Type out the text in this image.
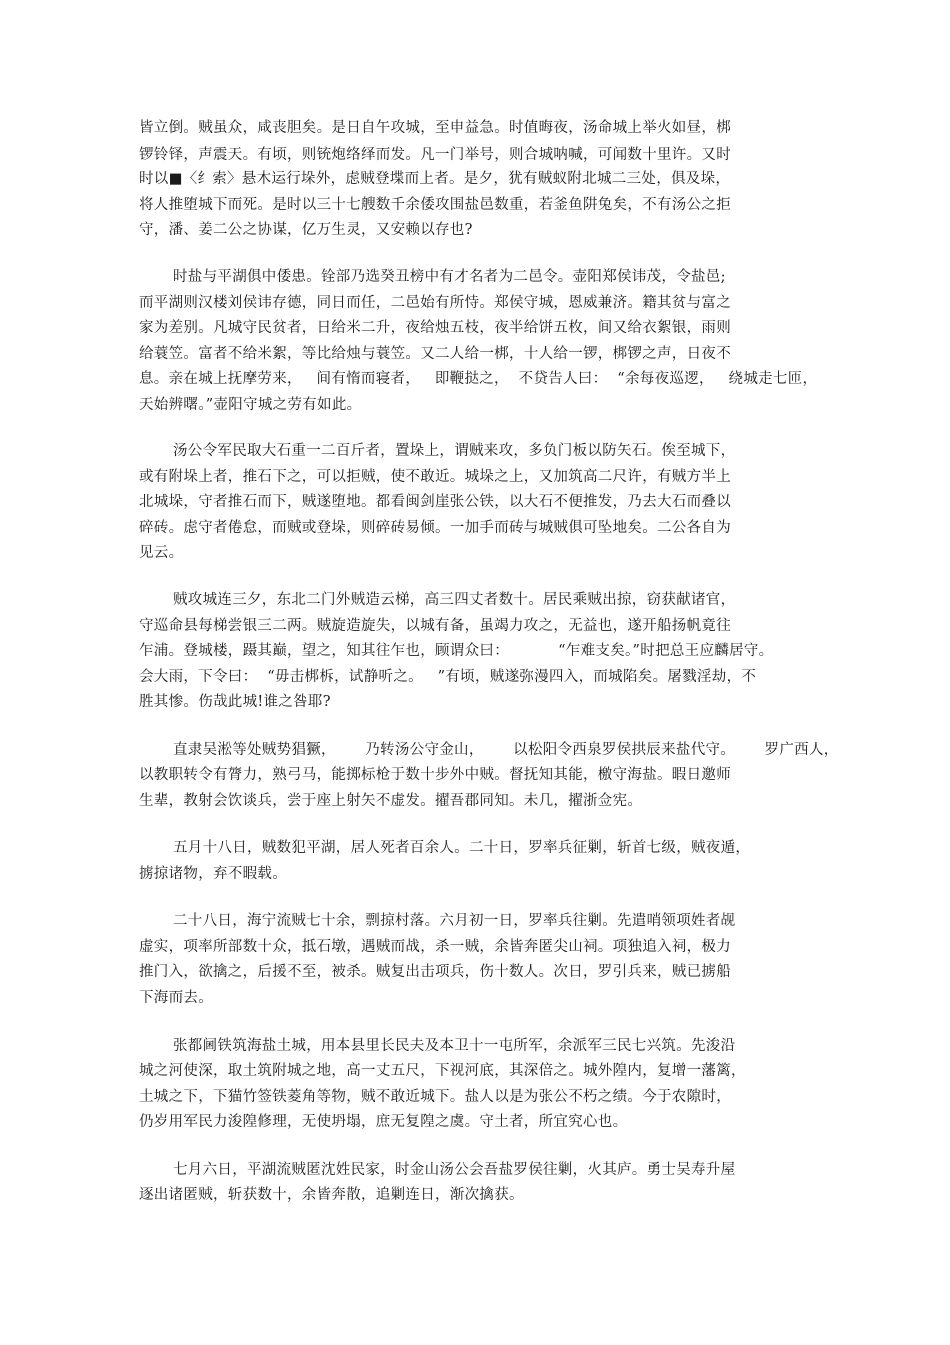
皆立倒。贼虽众，咸丧胆矣。是日自午攻城，至申益急。时值晦夜，汤命城上举火如昼，梆
锣铃铎，声震天。有顷，则铳炮络绎而发。凡一门举号，则合城呐喊，可闻数十里许。又时
时以■〈纟索〉悬木运行垛外，虑贼登堞而上者。是夕，犹有贼蚁附北城二三处，俱及垛，
将人推堕城下而死。是时以三十七艘数千余倭攻围盐邑数重，若釜鱼阱兔矣，不有汤公之拒
守，潘、姜二公之协谋，亿万生灵，又安赖以存也?
时盐与平湖俱中倭患。铨部乃选癸丑榜中有才名者为二邑令。壶阳郑侯讳茂，令盐邑;
而平湖则汉楼刘侯讳存德，同日而任，二邑始有所恃。郑侯守城，恩威兼济。籍其贫与富之
家为差别。凡城守民贫者，日给米二升，夜给烛五枝，夜半给饼五枚，间又给衣絮银，雨则
给蓑笠。富者不给米絮，等比给烛与蓑笠。又二人给一梆，十人给一锣，梆锣之声，日夜不
息。亲在城上抚摩劳来，   间有惰而寝者，   即鞭挞之，  不贷告人曰：  “余每夜巡逻，   绕城走七匝，
天始辨曙。”壶阳守城之劳有如此。
汤公令军民取大石重一二百斤者，置垛上，谓贼来攻，多负门板以防矢石。俟至城下，
或有附垛上者，推石下之，可以拒贼，使不敢近。城垛之上，又加筑高二尺许，有贼方半上
北城垛，守者推石而下，贼遂堕地。都看闽剑崖张公铁，以大石不便推发，乃去大石而叠以
碎砖。虑守者倦怠，而贼或登垛，则碎砖易倾。一加手而砖与城贼俱可坠地矣。二公各自为
见云。
贼攻城连三夕，东北二门外贼造云梯，高三四丈者数十。居民乘贼出掠，窃获献诸官，
守巡命县每梯尝银三二两。贼旋造旋失，以城有备，虽竭力攻之，无益也，遂开船扬帆竟往
乍浦。登城楼，蹑其巅，望之，知其往乍也，顾谓众曰：          “乍难支矣。”时把总王应麟居守。
会大雨，下令曰：  “毋击梆柝，试静听之。   ”有顷，贼遂弥漫四入，而城陷矣。屠戮淫劫，不
胜其惨。伤哉此城!谁之咎耶?
直隶吴淞等处贼势猖獗，      乃转汤公守金山，      以松阳令西泉罗侯拱辰来盐代守。      罗广西人，
以教职转令有膂力，熟弓马，能掷标枪于数十步外中贼。督抚知其能，檄守海盐。暇日邀师
生辈，教射会饮谈兵，尝于座上射矢不虚发。擢吾郡同知。未几，擢浙佥宪。
五月十八日，贼数犯平湖，居人死者百余人。二十日，罗率兵征剿，斩首七级，贼夜遁，
掳掠诸物，弃不暇载。
二十八日，海宁流贼七十余，剽掠村落。六月初一日，罗率兵往剿。先遣哨领项姓者觇
虚实，项率所部数十众，抵石墩，遇贼而战，杀一贼，余皆奔匿尖山祠。项独追入祠，极力
推门入，欲擒之，后援不至，被杀。贼复出击项兵，伤十数人。次日，罗引兵来，贼已掳船
下海而去。
张都阃铁筑海盐土城，用本县里长民夫及本卫十一屯所军，余派军三民七兴筑。先浚沿
城之河使深，取土筑附城之地，高一丈五尺，下视河底，其深倍之。城外隍内，复增一藩篱，
土城之下，下猫竹签铁菱角等物，贼不敢近城下。盐人以是为张公不朽之绩。今于农隙时，
仍岁用军民力浚隍修理，无使坍塌，庶无复隍之虞。守土者，所宜究心也。
七月六日，平湖流贼匿沈姓民家，时金山汤公会吾盐罗侯往剿，火其庐。勇士吴寿升屋
逐出诸匿贼，斩获数十，余皆奔散，追剿连日，渐次擒获。
